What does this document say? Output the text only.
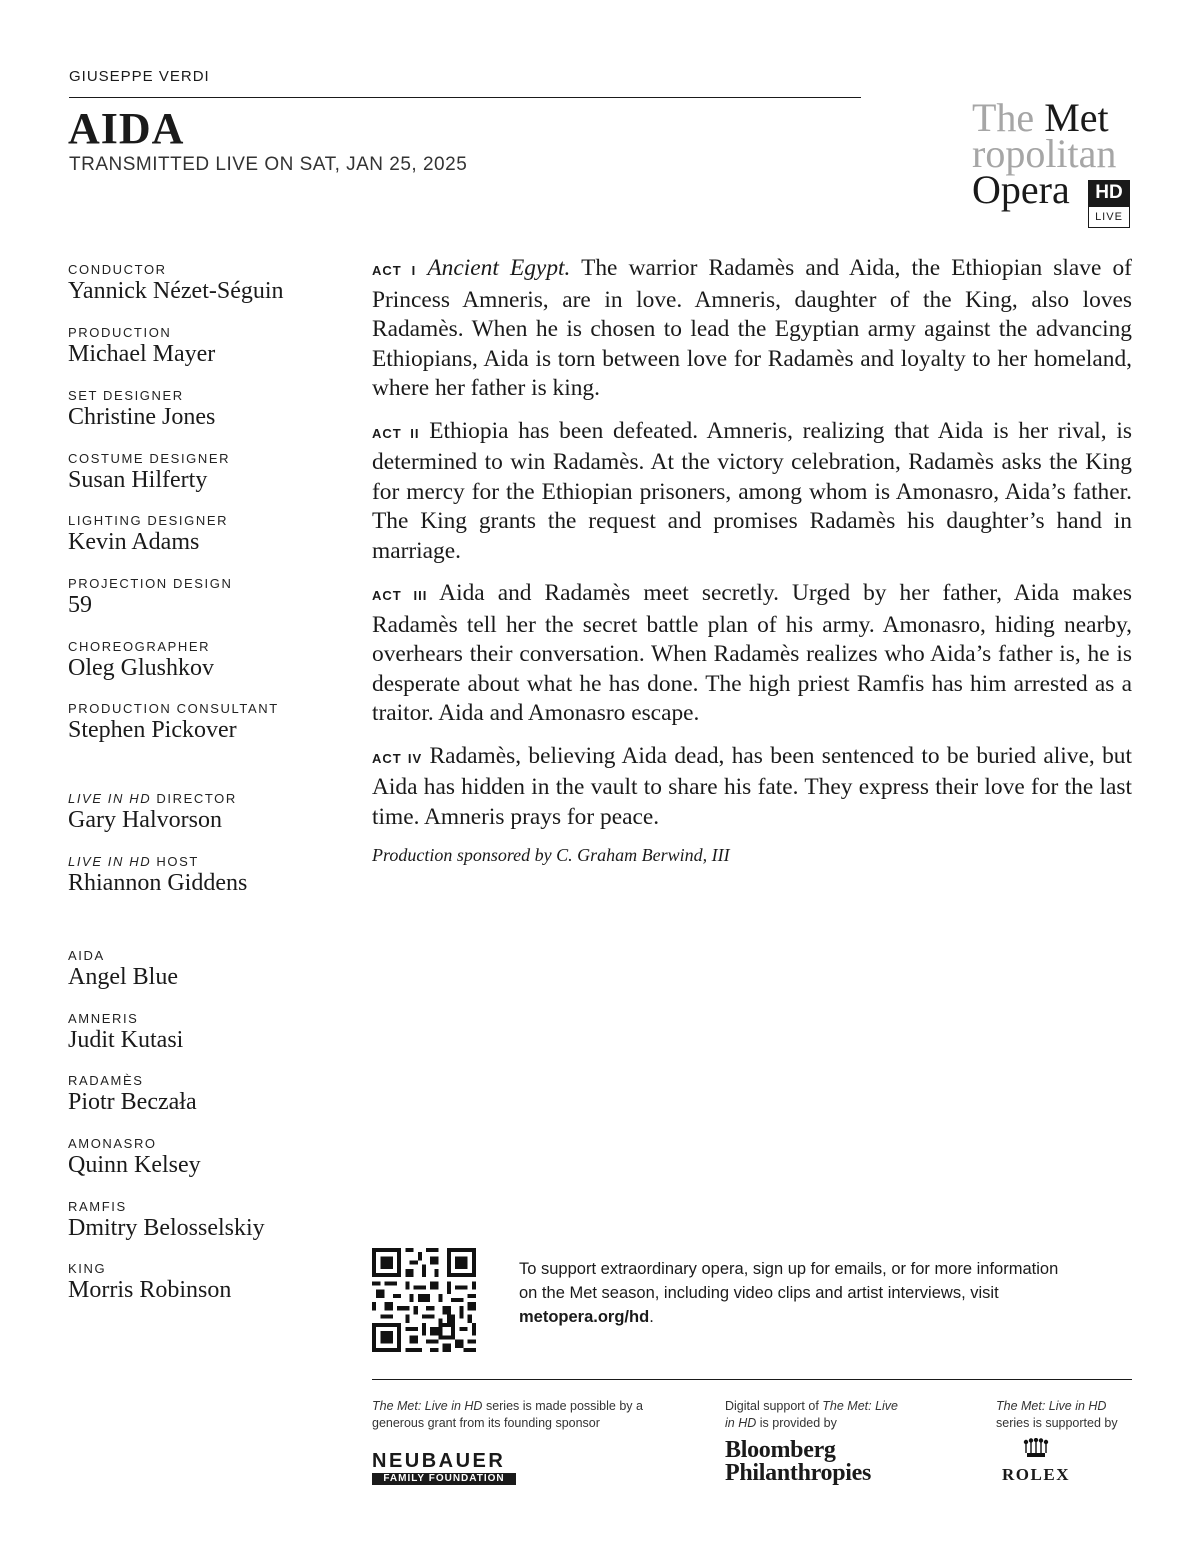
GIUSEPPE VERDI
AIDA
TRANSMITTED LIVE ON SAT, JAN 25, 2025
The Met
ropolitan
Opera	HD
LIVE
CONDUCTOR
Yannick Nézet-Séguin
PRODUCTION
Michael Mayer
SET DESIGNER
Christine Jones
COSTUME DESIGNER
Susan Hilferty
LIGHTING DESIGNER
Kevin Adams
PROJECTION DESIGN
59
CHOREOGRAPHER
Oleg Glushkov
PRODUCTION CONSULTANT
Stephen Pickover
LIVE IN HD DIRECTOR
Gary Halvorson
LIVE IN HD HOST
Rhiannon Giddens
AIDA
Angel Blue
AMNERIS
Judit Kutasi
RADAMÈS
Piotr Beczała
AMONASRO
Quinn Kelsey
RAMFIS
Dmitry Belosselskiy
KING
Morris Robinson

ACT I Ancient Egypt. The warrior Radamès and Aida, the Ethiopian slave of Princess Amneris, are in love. Amneris, daughter of the King, also loves Radamès. When he is chosen to lead the Egyptian army against the advancing Ethiopians, Aida is torn between love for Radamès and loyalty to her homeland, where her father is king.

ACT II Ethiopia has been defeated. Amneris, realizing that Aida is her rival, is determined to win Radamès. At the victory celebration, Radamès asks the King for mercy for the Ethiopian prisoners, among whom is Amonasro, Aida’s father. The King grants the request and promises Radamès his daughter’s hand in marriage.

ACT III Aida and Radamès meet secretly. Urged by her father, Aida makes Radamès tell her the secret battle plan of his army. Amonasro, hiding nearby, overhears their conversation. When Radamès realizes who Aida’s father is, he is desperate about what he has done. The high priest Ramfis has him arrested as a traitor. Aida and Amonasro escape.

ACT IV Radamès, believing Aida dead, has been sentenced to be buried alive, but Aida has hidden in the vault to share his fate. They express their love for the last time. Amneris prays for peace.

Production sponsored by C. Graham Berwind, III
To support extraordinary opera, sign up for emails, or for more information on the Met season, including video clips and artist interviews, visit metopera.org/hd.
The Met: Live in HD series is made possible by a generous grant from its founding sponsor
NEUBAUER
FAMILY FOUNDATION
Digital support of The Met: Live in HD is provided by
Bloomberg
Philanthropies
The Met: Live in HD
series is supported by
ROLEX
